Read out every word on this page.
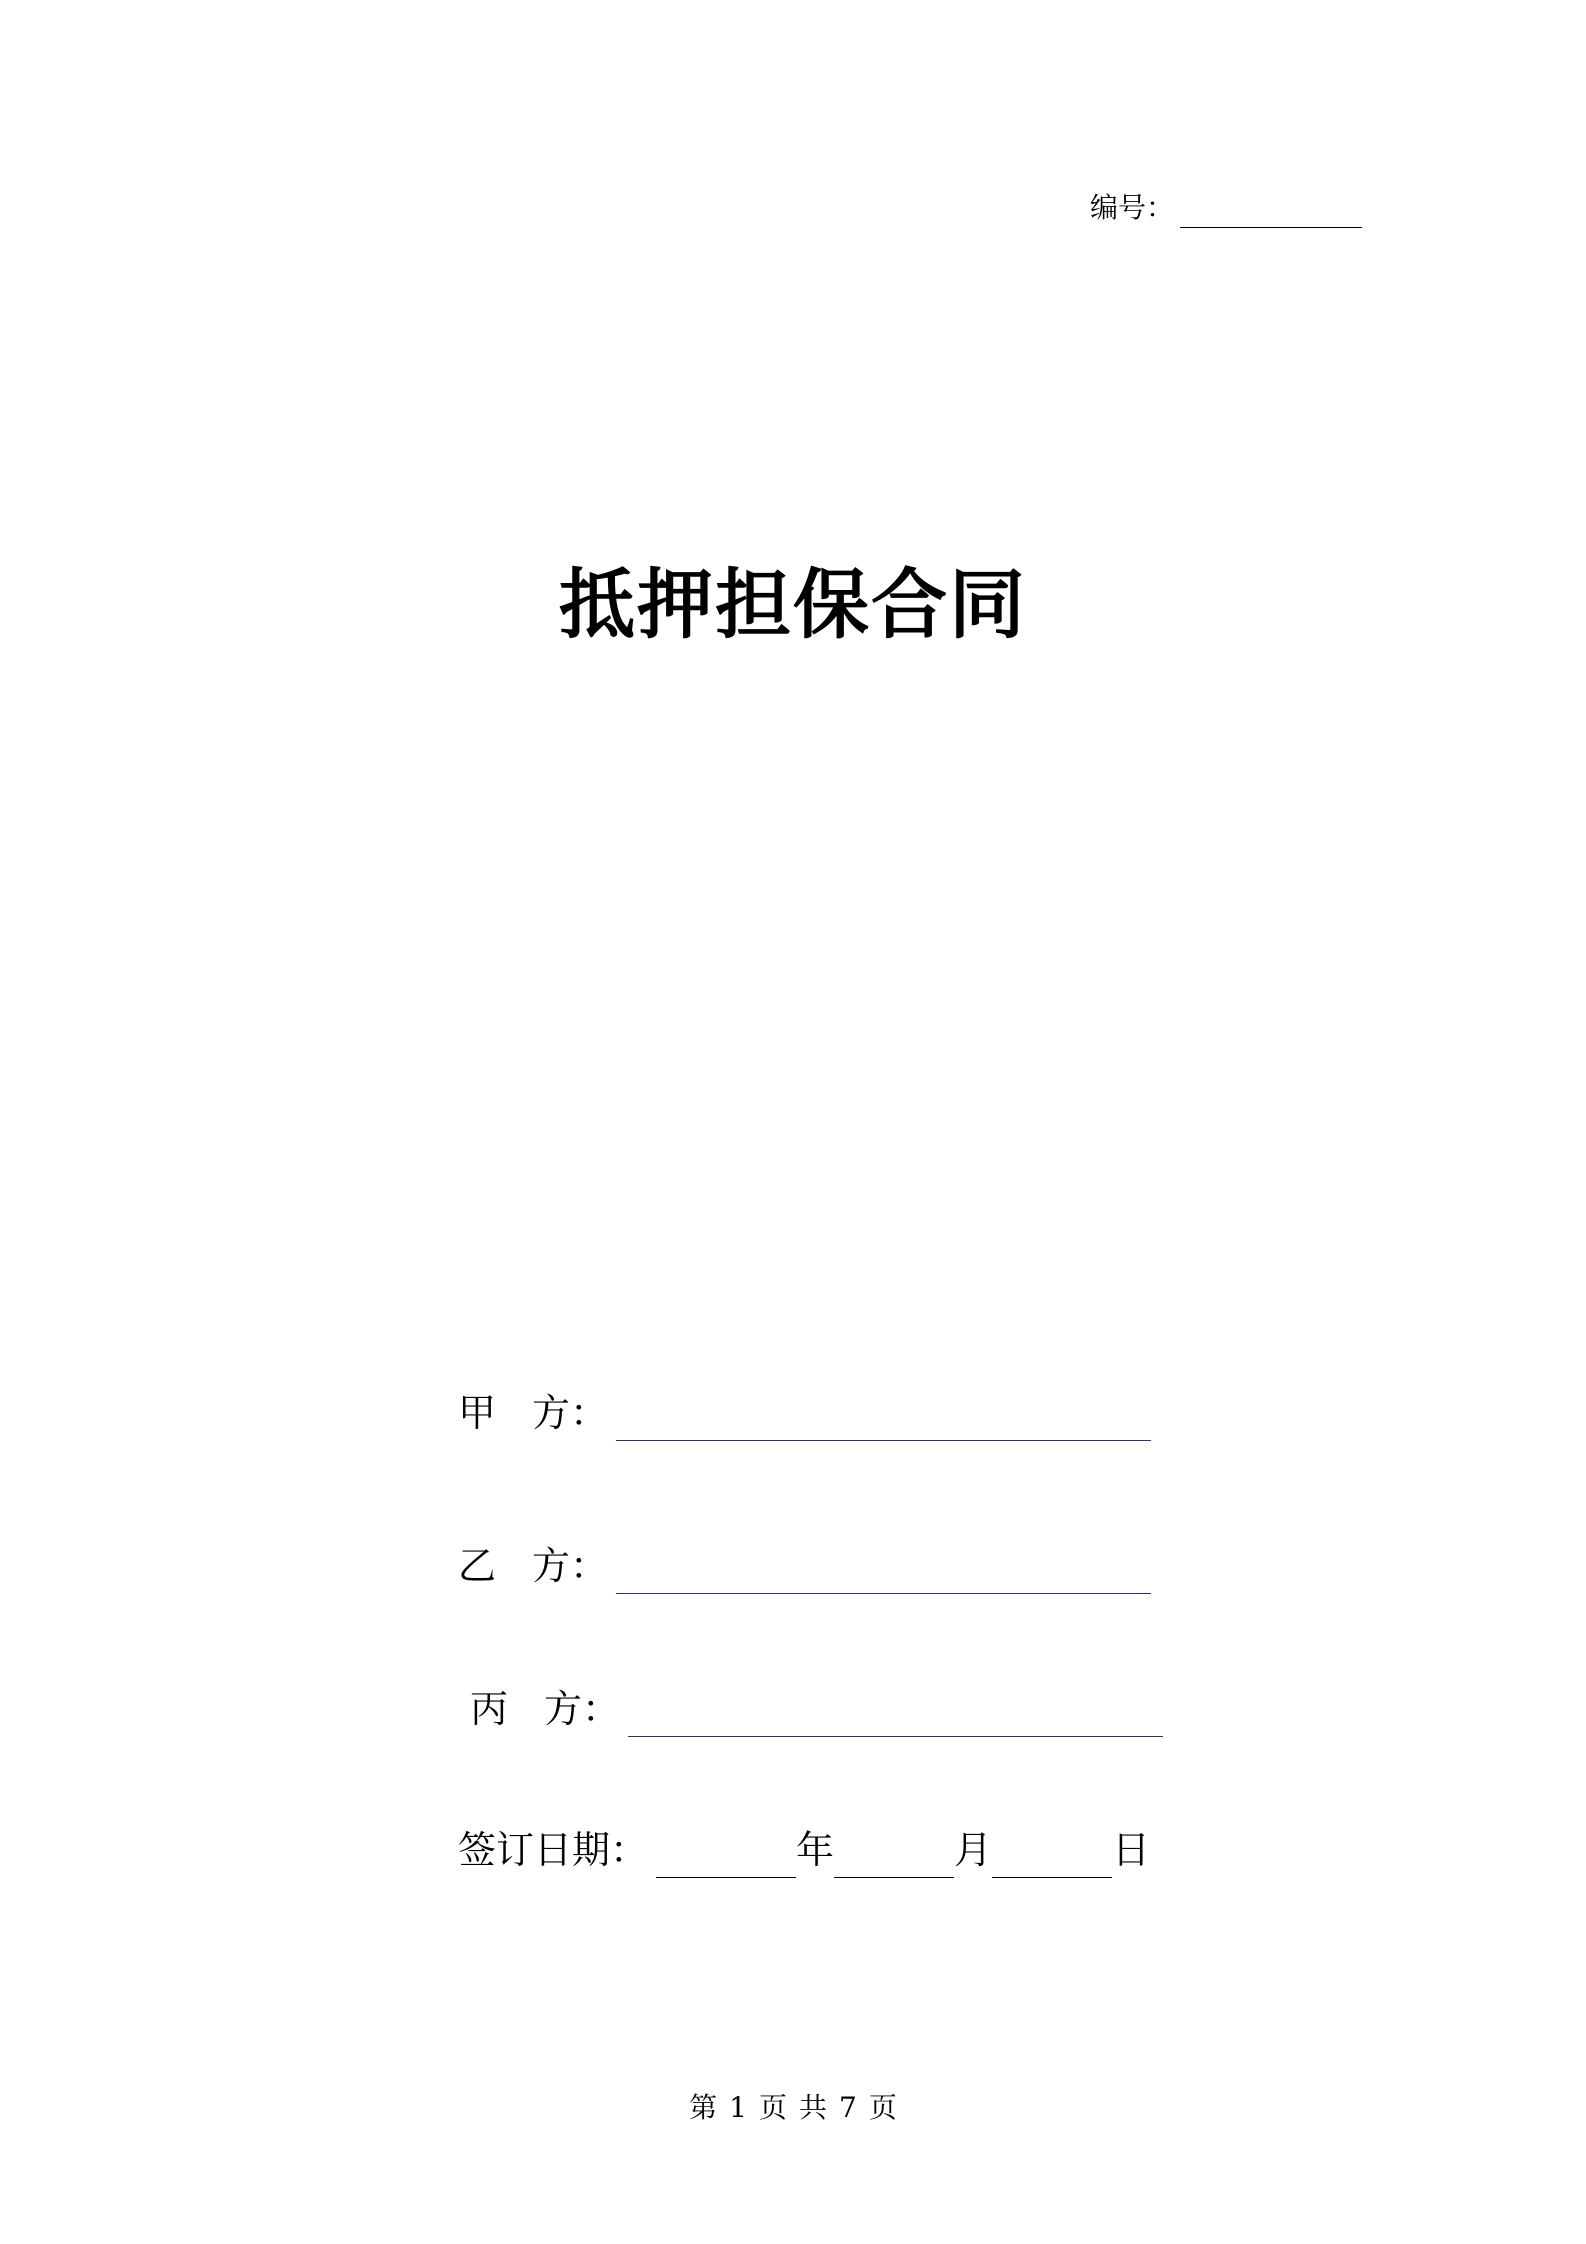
编号：
抵押担保合同
甲 方：
乙 方：
丙 方：
签订日期：	年	月	日
第 1 页 共 7 页
